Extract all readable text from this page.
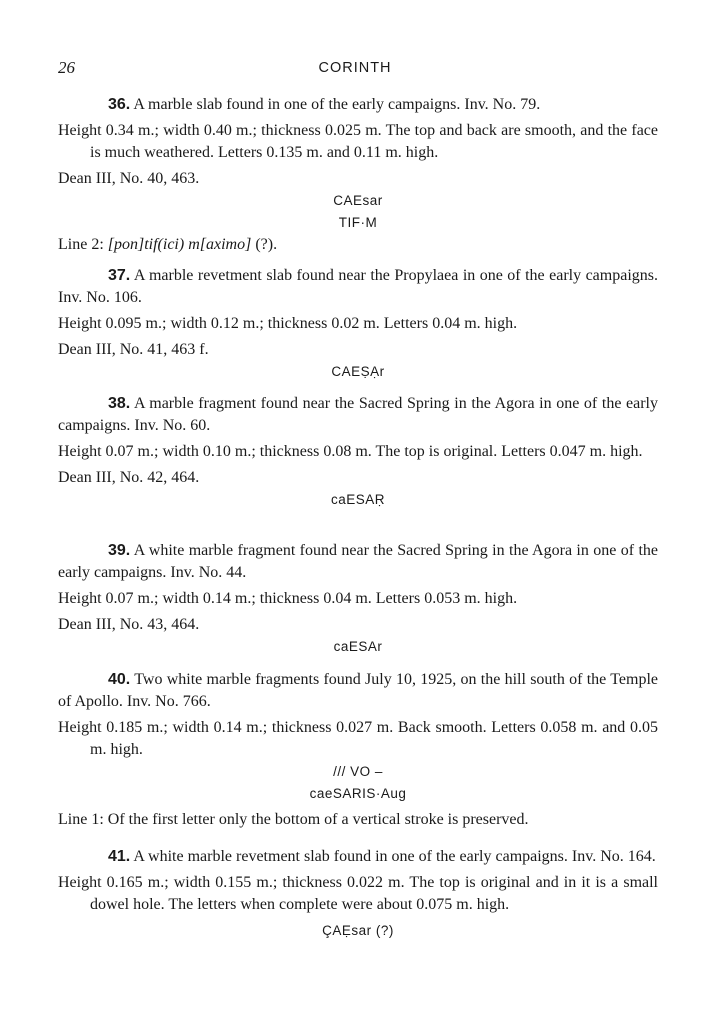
26	CORINTH

36. A marble slab found in one of the early campaigns. Inv. No. 79.

Height 0.34 m.; width 0.40 m.; thickness 0.025 m. The top and back are smooth, and the face is much weathered. Letters 0.135 m. and 0.11 m. high.

Dean III, No. 40, 463.

CAEsar

TIF·M

Line 2: [pon]tif(ici) m[aximo] (?).

37. A marble revetment slab found near the Propylaea in one of the early campaigns. Inv. No. 106.

Height 0.095 m.; width 0.12 m.; thickness 0.02 m. Letters 0.04 m. high.

Dean III, No. 41, 463 f.

CAEṢẠr

38. A marble fragment found near the Sacred Spring in the Agora in one of the early campaigns. Inv. No. 60.

Height 0.07 m.; width 0.10 m.; thickness 0.08 m. The top is original. Letters 0.047 m. high.

Dean III, No. 42, 464.

caESAṚ

39. A white marble fragment found near the Sacred Spring in the Agora in one of the early campaigns. Inv. No. 44.

Height 0.07 m.; width 0.14 m.; thickness 0.04 m. Letters 0.053 m. high.

Dean III, No. 43, 464.

caESAr

40. Two white marble fragments found July 10, 1925, on the hill south of the Temple of Apollo. Inv. No. 766.

Height 0.185 m.; width 0.14 m.; thickness 0.027 m. Back smooth. Letters 0.058 m. and 0.05 m. high.

/// VO –

caeSARIS·Aug

Line 1: Of the first letter only the bottom of a vertical stroke is preserved.

41. A white marble revetment slab found in one of the early campaigns. Inv. No. 164.

Height 0.165 m.; width 0.155 m.; thickness 0.022 m. The top is original and in it is a small dowel hole. The letters when complete were about 0.075 m. high.

ÇAẸsar (?)
